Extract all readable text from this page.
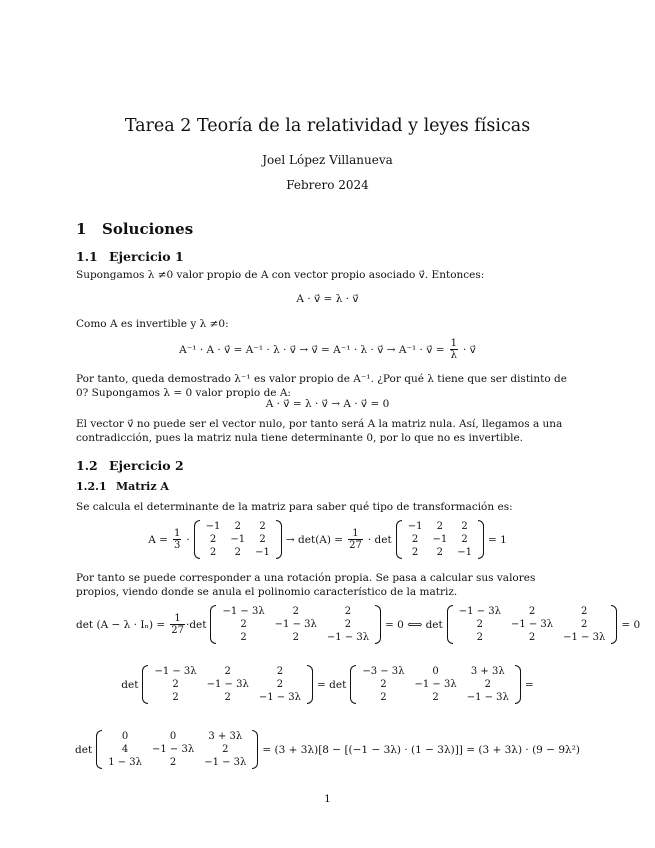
Tarea 2 Teoría de la relatividad y leyes físicas
Joel López Villanueva
Febrero 2024
1 Soluciones
1.1 Ejercicio 1
Supongamos λ ≠0 valor propio de A con vector propio asociado v⃗. Entonces:
A · v⃗ = λ · v⃗
Como A es invertible y λ ≠0:
A⁻¹ · A · v⃗ = A⁻¹ · λ · v⃗ → v⃗ = A⁻¹ · λ · v⃗ → A⁻¹ · v⃗ = $\frac{1}{\lambda}$ · v⃗
Por tanto, queda demostrado λ⁻¹ es valor propio de A⁻¹. ¿Por qué λ tiene que ser distinto de 0? Supongamos λ = 0 valor propio de A:
A · v⃗ = λ · v⃗ → A · v⃗ = 0
El vector v⃗ no puede ser el vector nulo, por tanto será A la matriz nula. Así, llegamos a una contradicción, pues la matriz nula tiene determinante 0, por lo que no es invertible.
1.2 Ejercicio 2
1.2.1 Matriz A
Se calcula el determinante de la matriz para saber qué tipo de transformación es:
$A = \frac{1}{3}$ ·
−1	2	2
2	−1	2
2	2	−1
→ $\det(A) = \frac{1}{27} \cdot \det$
−1	2	2
2	−1	2
2	2	−1
= 1
Por tanto se puede corresponder a una rotación propia. Se pasa a calcular sus valores propios, viendo donde se anula el polinomio característico de la matriz.
$\det (A - \lambda \cdot I_n) = \frac{1}{27} \cdot\det$
−1 − 3λ	2	2
2	−1 − 3λ	2
2	2	−1 − 3λ
= 0 ⟺ det
−1 − 3λ	2	2
2	−1 − 3λ	2
2	2	−1 − 3λ
= 0
det
−1 − 3λ	2	2
2	−1 − 3λ	2
2	2	−1 − 3λ
= det
−3 − 3λ	0	3 + 3λ
2	−1 − 3λ	2
2	2	−1 − 3λ
=
det
0	0	3 + 3λ
4	−1 − 3λ	2
1 − 3λ	2	−1 − 3λ
= (3 + 3λ)[8 − [(−1 − 3λ) · (1 − 3λ)]] = (3 + 3λ) · (9 − 9λ²)
1
